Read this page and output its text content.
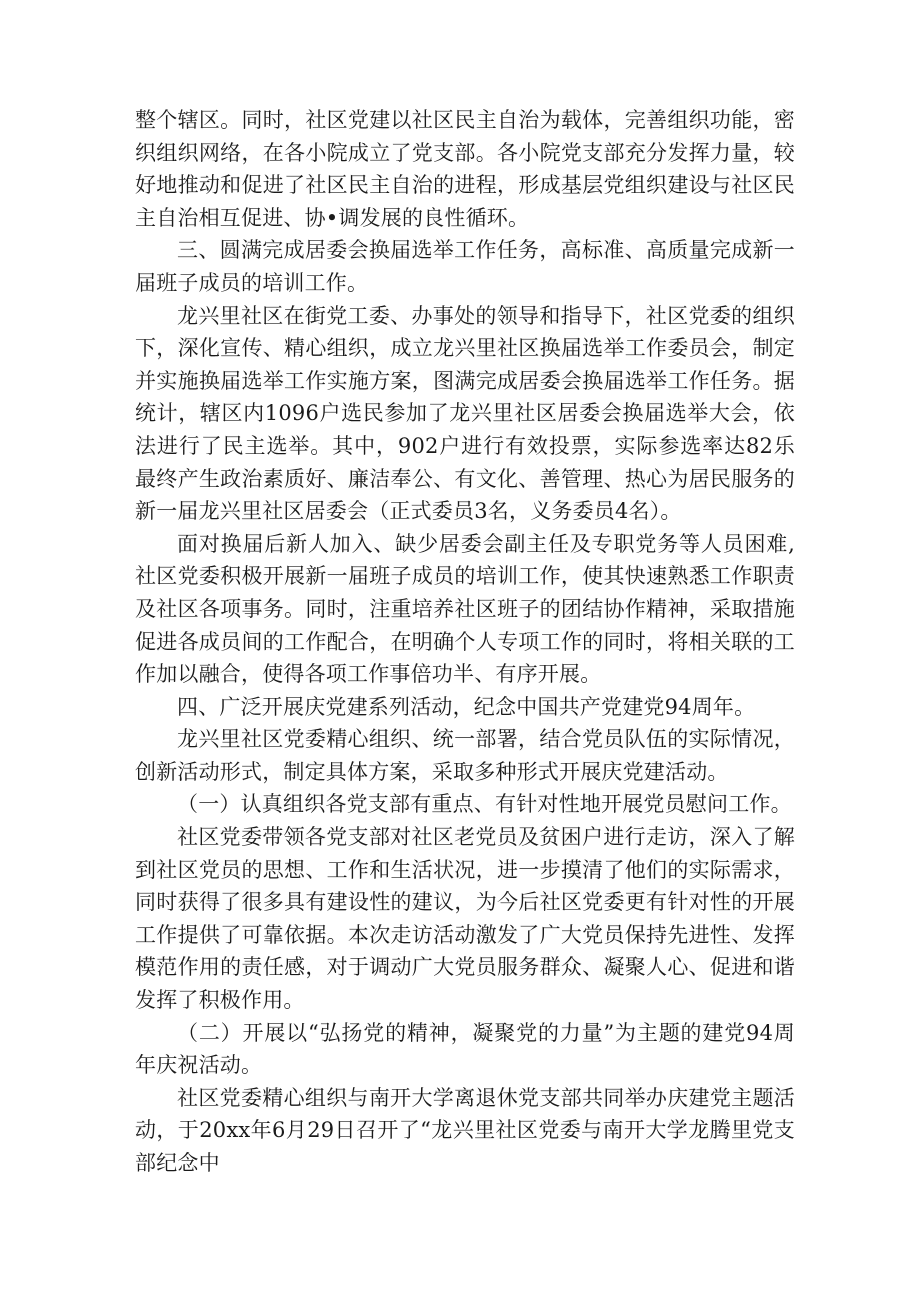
整个辖区。同时，社区党建以社区民主自治为载体，完善组织功能，密织组织网络，在各小院成立了党支部。各小院党支部充分发挥力量，较好地推动和促进了社区民主自治的进程，形成基层党组织建设与社区民主自治相互促进、协•调发展的良性循环。

三、圆满完成居委会换届选举工作任务，高标准、高质量完成新一届班子成员的培训工作。

龙兴里社区在街党工委、办事处的领导和指导下，社区党委的组织下，深化宣传、精心组织，成立龙兴里社区换届选举工作委员会，制定并实施换届选举工作实施方案，图满完成居委会换届选举工作任务。据统计，辖区内1096户选民参加了龙兴里社区居委会换届选举大会，依法进行了民主选举。其中，902户进行有效投票，实际参选率达82乐最终产生政治素质好、廉洁奉公、有文化、善管理、热心为居民服务的新一届龙兴里社区居委会（正式委员3名，义务委员4名）。

面对换届后新人加入、缺少居委会副主任及专职党务等人员困难,社区党委积极开展新一届班子成员的培训工作，使其快速熟悉工作职责及社区各项事务。同时，注重培养社区班子的团结协作精神，采取措施促进各成员间的工作配合，在明确个人专项工作的同时，将相关联的工作加以融合，使得各项工作事倍功半、有序开展。

四、广泛开展庆党建系列活动，纪念中国共产党建党94周年。

龙兴里社区党委精心组织、统一部署，结合党员队伍的实际情况，创新活动形式，制定具体方案，采取多种形式开展庆党建活动。

（一）认真组织各党支部有重点、有针对性地开展党员慰问工作。

社区党委带领各党支部对社区老党员及贫困户进行走访，深入了解到社区党员的思想、工作和生活状况，进一步摸清了他们的实际需求，同时获得了很多具有建设性的建议，为今后社区党委更有针对性的开展工作提供了可靠依据。本次走访活动激发了广大党员保持先进性、发挥模范作用的责任感，对于调动广大党员服务群众、凝聚人心、促进和谐发挥了积极作用。

（二）开展以“弘扬党的精神，凝聚党的力量”为主题的建党94周年庆祝活动。

社区党委精心组织与南开大学离退休党支部共同举办庆建党主题活动，于20xx年6月29日召开了“龙兴里社区党委与南开大学龙腾里党支部纪念中
